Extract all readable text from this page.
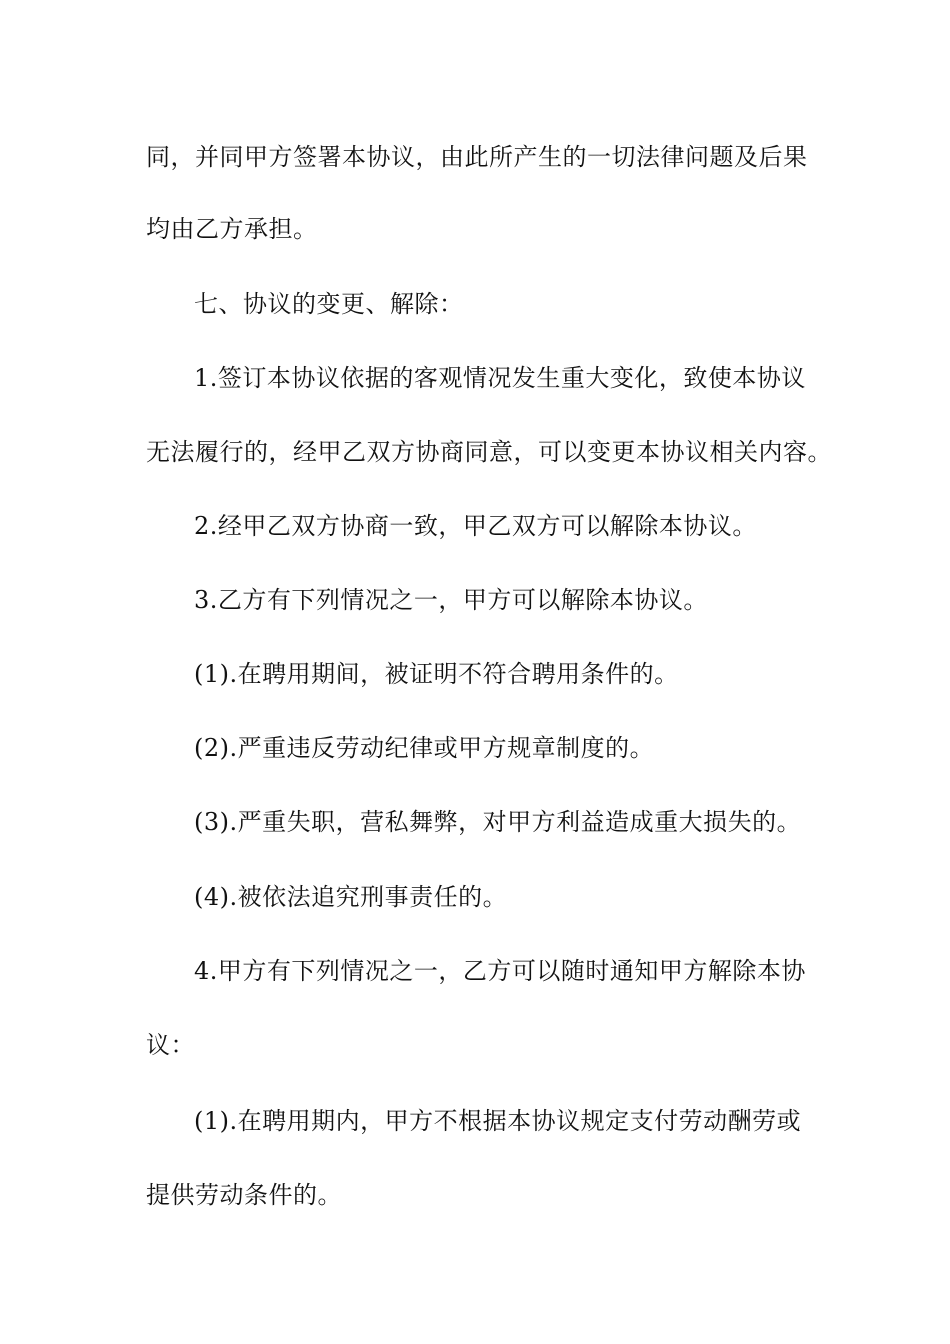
同，并同甲方签署本协议，由此所产生的一切法律问题及后果

均由乙方承担。

七、协议的变更、解除：

1.签订本协议依据的客观情况发生重大变化，致使本协议

无法履行的，经甲乙双方协商同意，可以变更本协议相关内容。

2.经甲乙双方协商一致，甲乙双方可以解除本协议。

3.乙方有下列情况之一，甲方可以解除本协议。

(1).在聘用期间，被证明不符合聘用条件的。

(2).严重违反劳动纪律或甲方规章制度的。

(3).严重失职，营私舞弊，对甲方利益造成重大损失的。

(4).被依法追究刑事责任的。

4.甲方有下列情况之一，乙方可以随时通知甲方解除本协

议：

(1).在聘用期内，甲方不根据本协议规定支付劳动酬劳或

提供劳动条件的。
